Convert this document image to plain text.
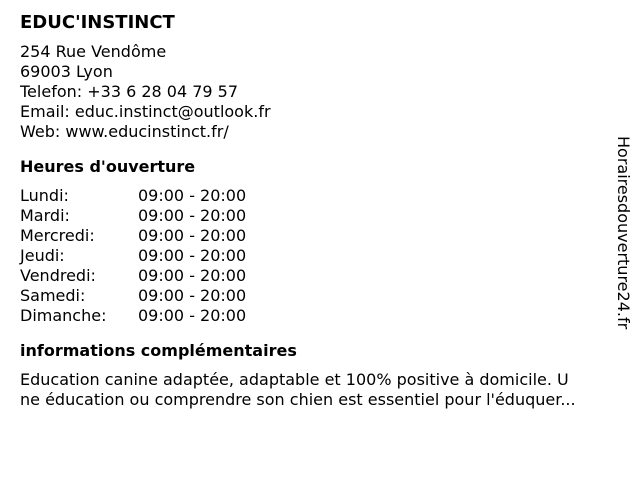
EDUC'INSTINCT
254 Rue Vendôme
69003 Lyon
Telefon: +33 6 28 04 79 57
Email: educ.instinct@outlook.fr
Web: www.educinstinct.fr/
Heures d'ouverture
Lundi:	09:00 - 20:00
Mardi:	09:00 - 20:00
Mercredi:	09:00 - 20:00
Jeudi:	09:00 - 20:00
Vendredi:	09:00 - 20:00
Samedi:	09:00 - 20:00
Dimanche:	09:00 - 20:00
informations complémentaires
Education canine adaptée, adaptable et 100% positive à domicile. U
ne éducation ou comprendre son chien est essentiel pour l'éduquer...
Horairesdouverture24.fr
